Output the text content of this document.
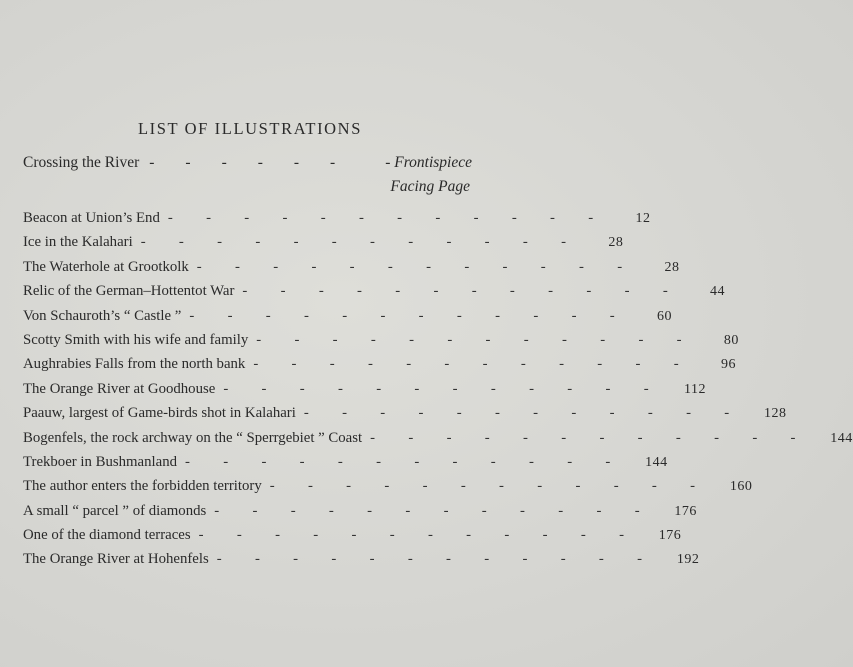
LIST OF ILLUSTRATIONS
Crossing the River -        -        -        -        -        -	- Frontispiece
Facing Page
Beacon at Union’s End -         -         -         -         -         -         -         -         -         -         -         - 12
Ice in the Kalahari -         -         -         -         -         -         -         -         -         -         -         - 28
The Waterhole at Grootkolk -         -         -         -         -         -         -         -         -         -         -         - 28
Relic of the German–Hottentot War -         -         -         -         -         -         -         -         -         -         -         - 44
Von Schauroth’s “ Castle ” -         -         -         -         -         -         -         -         -         -         -         - 60
Scotty Smith with his wife and family -         -         -         -         -         -         -         -         -         -         -         - 80
Aughrabies Falls from the north bank -         -         -         -         -         -         -         -         -         -         -         - 96
The Orange River at Goodhouse -         -         -         -         -         -         -         -         -         -         -         - 112
Paauw, largest of Game-birds shot in Kalahari -         -         -         -         -         -         -         -         -         -         -         - 128
Bogenfels, the rock archway on the “ Sperrgebiet ” Coast -         -         -         -         -         -         -         -         -         -         -         - 144
Trekboer in Bushmanland -         -         -         -         -         -         -         -         -         -         -         - 144
The author enters the forbidden territory -         -         -         -         -         -         -         -         -         -         -         - 160
A small “ parcel ” of diamonds -         -         -         -         -         -         -         -         -         -         -         - 176
One of the diamond terraces -         -         -         -         -         -         -         -         -         -         -         - 176
The Orange River at Hohenfels -         -         -         -         -         -         -         -         -         -         -         - 192
